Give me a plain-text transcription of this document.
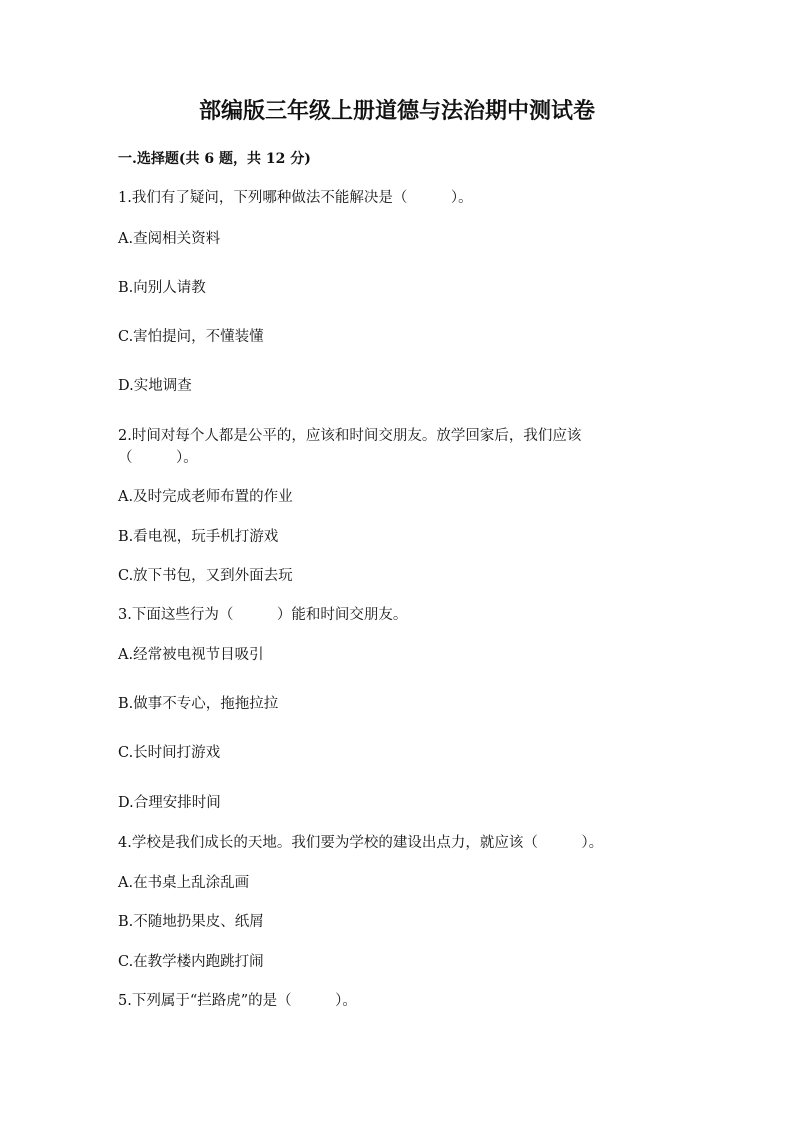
部编版三年级上册道德与法治期中测试卷
一.选择题(共 6 题，共 12 分)
1.我们有了疑问，下列哪种做法不能解决是（　　　）。
A.查阅相关资料
B.向别人请教
C.害怕提问，不懂装懂
D.实地调查
2.时间对每个人都是公平的，应该和时间交朋友。放学回家后，我们应该
（　　　）。
A.及时完成老师布置的作业
B.看电视，玩手机打游戏
C.放下书包，又到外面去玩
3.下面这些行为（　　　）能和时间交朋友。
A.经常被电视节目吸引
B.做事不专心，拖拖拉拉
C.长时间打游戏
D.合理安排时间
4.学校是我们成长的天地。我们要为学校的建设出点力，就应该（　　　）。
A.在书桌上乱涂乱画
B.不随地扔果皮、纸屑
C.在教学楼内跑跳打闹
5.下列属于“拦路虎”的是（　　　）。
